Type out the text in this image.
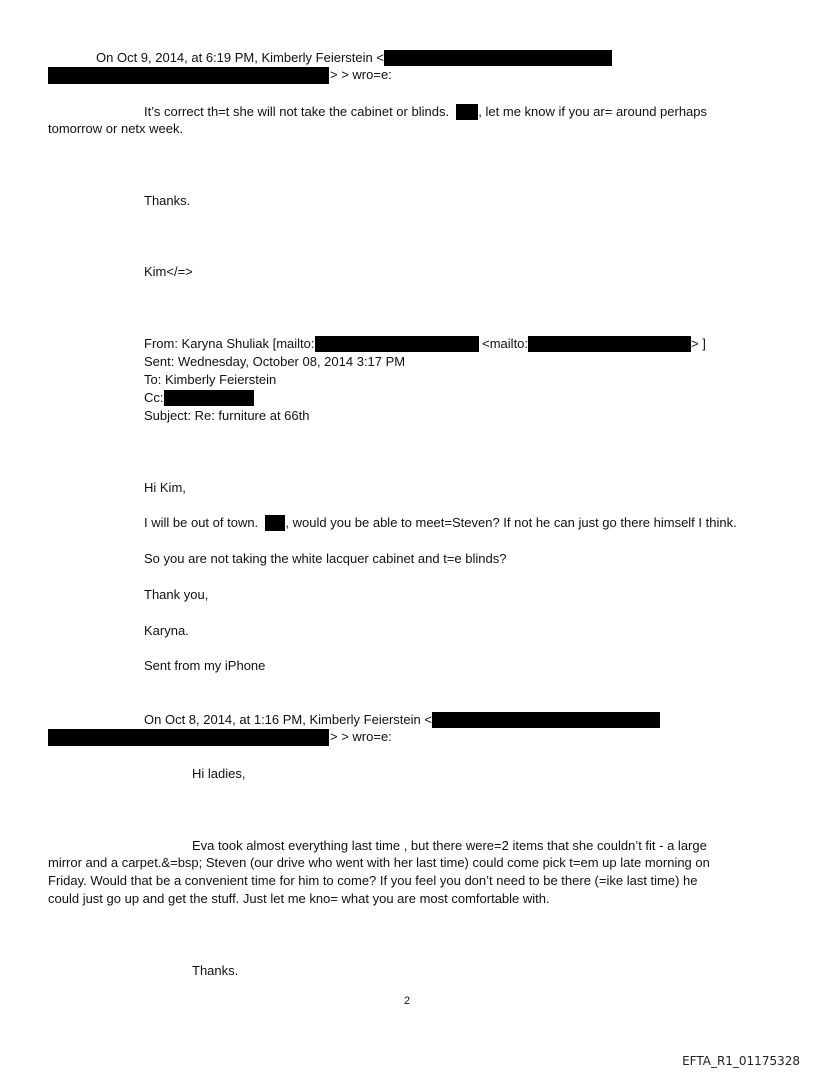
On Oct 9, 2014, at 6:19 PM, Kimberly Feierstein <
> > wro=e:
It’s correct th=t she will not take the cabinet or blinds. , let me know if you ar= around perhaps
tomorrow or netx week.
Thanks.
Kim</=>
From: Karyna Shuliak [mailto:	<mailto:	> ]
Sent: Wednesday, October 08, 2014 3:17 PM
To: Kimberly Feierstein
Cc:
Subject: Re: furniture at 66th
Hi Kim,
I will be out of town. , would you be able to meet=Steven? If not he can just go there himself I think.
So you are not taking the white lacquer cabinet and t=e blinds?
Thank you,
Karyna.
Sent from my iPhone
On Oct 8, 2014, at 1:16 PM, Kimberly Feierstein <
> > wro=e:
Hi ladies,
Eva took almost everything last time , but there were=2 items that she couldn’t fit - a large
mirror and a carpet.&=bsp; Steven (our drive who went with her last time) could come pick t=em up late morning on
Friday. Would that be a convenient time for him to come? If you feel you don’t need to be there (=ike last time) he
could just go up and get the stuff. Just let me kno= what you are most comfortable with.
Thanks.
2
EFTA_R1_01175328
